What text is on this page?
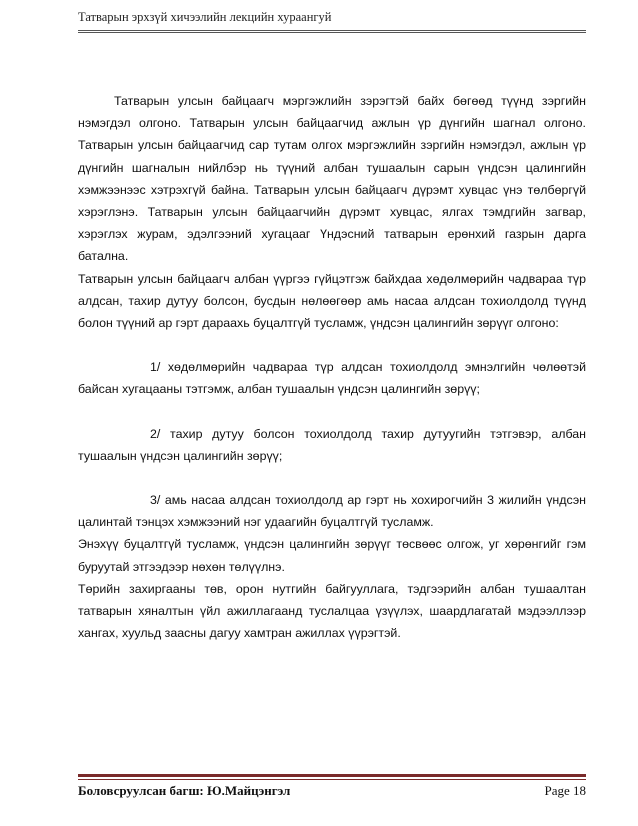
Татварын эрхзүй хичээлийн лекцийн хураангуй

Татварын улсын байцаагч мэргэжлийн зэрэгтэй байх бөгөөд түүнд зэргийн нэмэгдэл олгоно. Татварын улсын байцаагчид ажлын үр дүнгийн шагнал олгоно. Татварын улсын байцаагчид сар тутам олгох мэргэжлийн зэргийн нэмэгдэл, ажлын үр дүнгийн шагналын нийлбэр нь түүний албан тушаалын сарын үндсэн цалингийн хэмжээнээс хэтрэхгүй байна. Татварын улсын байцаагч дүрэмт хувцас үнэ төлбөргүй хэрэглэнэ. Татварын улсын байцаагчийн дүрэмт хувцас, ялгах тэмдгийн загвар, хэрэглэх журам, эдэлгээний хугацааг Үндэсний татварын ерөнхий газрын дарга батална.

Татварын улсын байцаагч албан үүргээ гүйцэтгэж байхдаа хөдөлмөрийн чадвараа түр алдсан, тахир дутуу болсон, бусдын нөлөөгөөр амь насаа алдсан тохиолдолд түүнд болон түүний ар гэрт дараахь буцалтгүй тусламж, үндсэн цалингийн зөрүүг олгоно:

1/ хөдөлмөрийн чадвараа түр алдсан тохиолдолд эмнэлгийн чөлөөтэй байсан хугацааны тэтгэмж, албан тушаалын үндсэн цалингийн зөрүү;

2/ тахир дутуу болсон тохиолдолд тахир дутуугийн тэтгэвэр, албан тушаалын үндсэн цалингийн зөрүү;

3/ амь насаа алдсан тохиолдолд ар гэрт нь хохирогчийн 3 жилийн үндсэн цалинтай тэнцэх хэмжээний нэг удаагийн буцалтгүй тусламж.

Энэхүү буцалтгүй тусламж, үндсэн цалингийн зөрүүг төсвөөс олгож, уг хөрөнгийг гэм буруутай этгээдээр нөхөн төлүүлнэ.

Төрийн захиргааны төв, орон нутгийн байгууллага, тэдгээрийн албан тушаалтан татварын хяналтын үйл ажиллагаанд туслалцаа үзүүлэх, шаардлагатай мэдээллээр хангах, хуульд заасны дагуу хамтран ажиллах үүрэгтэй.

Боловсруулсан багш: Ю.Майцэнгэл	Page 18
